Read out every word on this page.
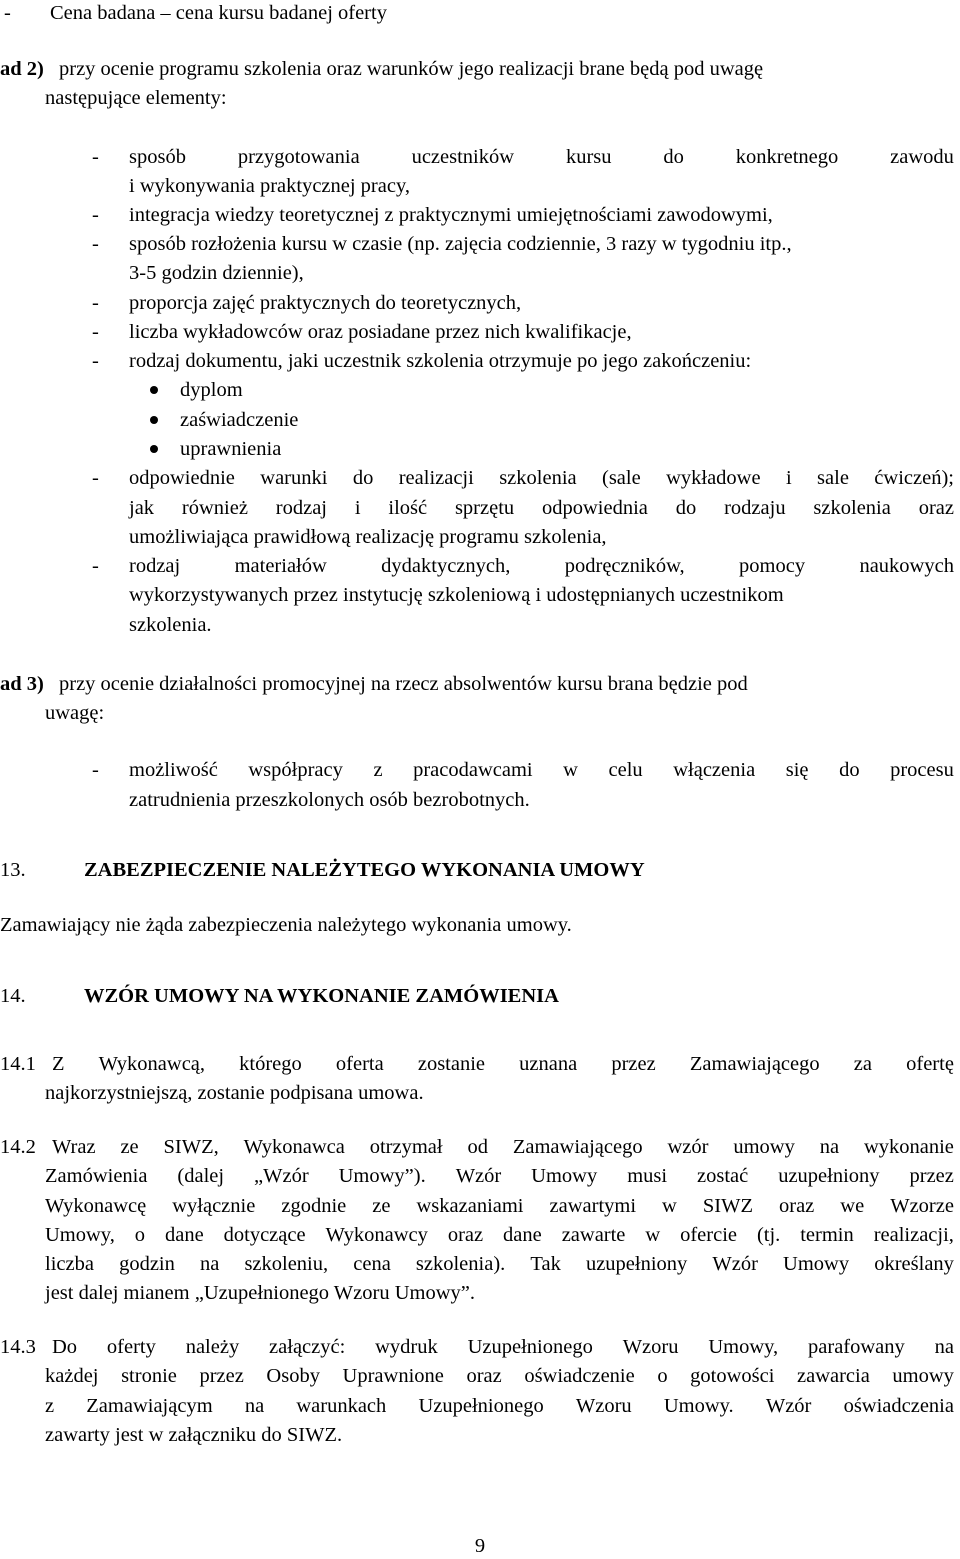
- Cena badana – cena kursu badanej oferty
ad 2) przy ocenie programu szkolenia oraz warunków jego realizacji brane będą pod uwagę
następujące elementy:
- sposób	przygotowania	uczestników	kursu	do	konkretnego	zawodu
i wykonywania praktycznej pracy,
- integracja wiedzy teoretycznej z praktycznymi umiejętnościami zawodowymi,
- sposób rozłożenia kursu w czasie (np. zajęcia codziennie, 3 razy w tygodniu itp.,
3-5 godzin dziennie),
- proporcja zajęć praktycznych do teoretycznych,
- liczba wykładowców oraz posiadane przez nich kwalifikacje,
- rodzaj dokumentu, jaki uczestnik szkolenia otrzymuje po jego zakończeniu:
dyplom
zaświadczenie
uprawnienia
- odpowiednie warunki do realizacji szkolenia (sale wykładowe i sale ćwiczeń);
jak również rodzaj i ilość sprzętu odpowiednia do rodzaju szkolenia oraz
umożliwiająca prawidłową realizację programu szkolenia,
- rodzaj	materiałów	dydaktycznych,	podręczników,	pomocy	naukowych
wykorzystywanych przez instytucję szkoleniową i udostępnianych uczestnikom
szkolenia.
ad 3) przy ocenie działalności promocyjnej na rzecz absolwentów kursu brana będzie pod
uwagę:
- możliwość współpracy z pracodawcami w celu włączenia się do procesu
zatrudnienia przeszkolonych osób bezrobotnych.
13.	ZABEZPIECZENIE NALEŻYTEGO WYKONANIA UMOWY
Zamawiający nie żąda zabezpieczenia należytego wykonania umowy.
14.	WZÓR UMOWY NA WYKONANIE ZAMÓWIENIA
14.1 Z Wykonawcą, którego oferta zostanie uznana przez Zamawiającego za ofertę
najkorzystniejszą, zostanie podpisana umowa.
14.2 Wraz ze SIWZ, Wykonawca otrzymał od Zamawiającego wzór umowy na wykonanie
Zamówienia (dalej „Wzór Umowy”). Wzór Umowy musi zostać uzupełniony przez
Wykonawcę wyłącznie zgodnie ze wskazaniami zawartymi w SIWZ oraz we Wzorze
Umowy, o dane dotyczące Wykonawcy oraz dane zawarte w ofercie (tj. termin realizacji,
liczba godzin na szkoleniu, cena szkolenia). Tak uzupełniony Wzór Umowy określany
jest dalej mianem „Uzupełnionego Wzoru Umowy”.
14.3 Do oferty należy załączyć: wydruk Uzupełnionego Wzoru Umowy, parafowany na
każdej stronie przez Osoby Uprawnione oraz oświadczenie o gotowości zawarcia umowy
z Zamawiającym na warunkach Uzupełnionego Wzoru Umowy. Wzór oświadczenia
zawarty jest w załączniku do SIWZ.
9
